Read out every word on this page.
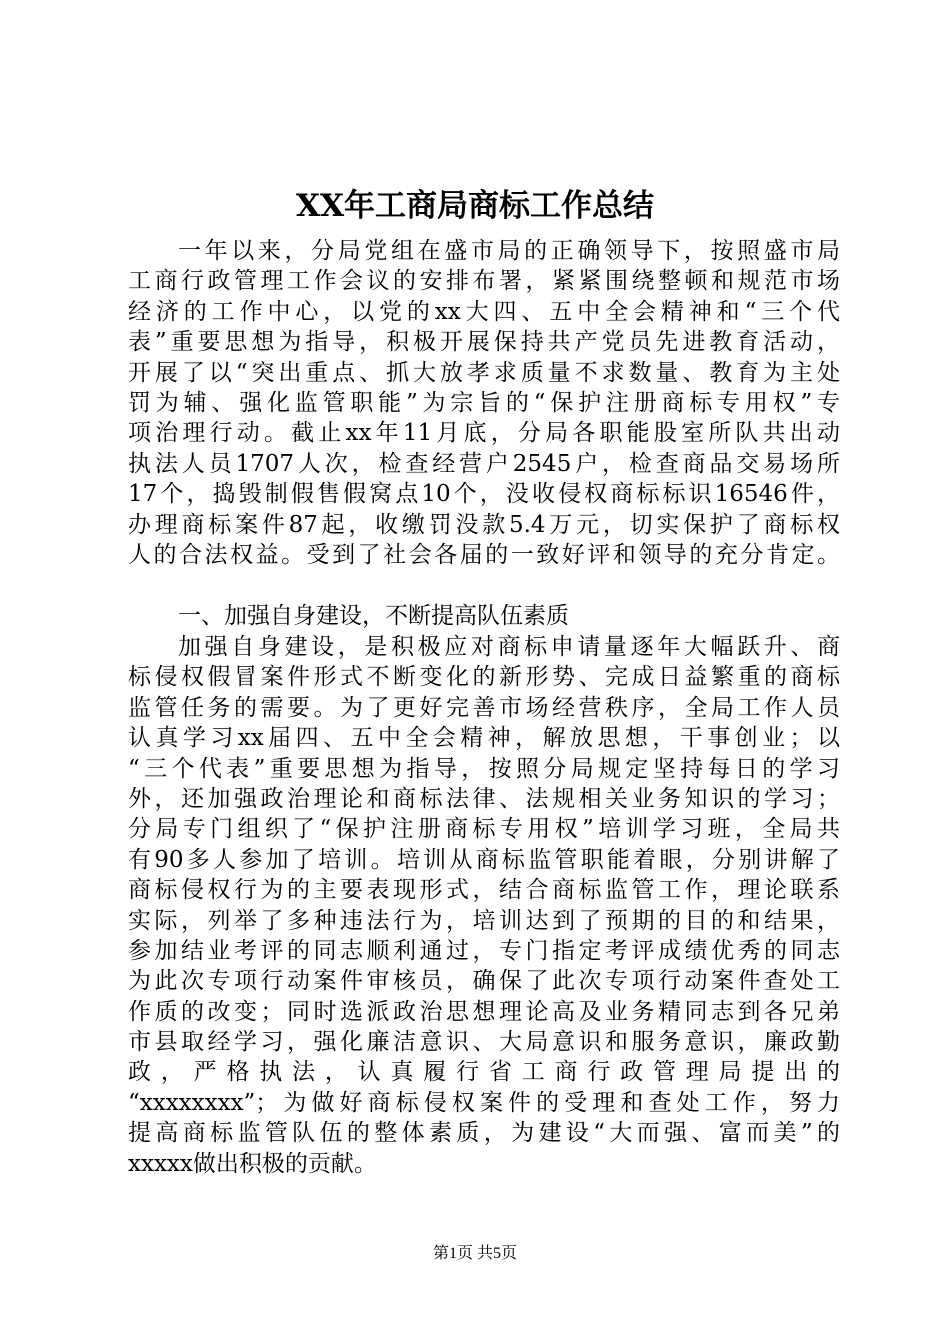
XX年工商局商标工作总结
一年以来，分局党组在盛市局的正确领导下，按照盛市局
工商行政管理工作会议的安排布署，紧紧围绕整顿和规范市场
经济的工作中心，以党的xx大四、五中全会精神和“三个代
表”重要思想为指导，积极开展保持共产党员先进教育活动，
开展了以“突出重点、抓大放孝求质量不求数量、教育为主处
罚为辅、强化监管职能”为宗旨的“保护注册商标专用权”专
项治理行动。截止xx年11月底，分局各职能股室所队共出动
执法人员1707人次，检查经营户2545户，检查商品交易场所
17个，捣毁制假售假窝点10个，没收侵权商标标识16546件，
办理商标案件87起，收缴罚没款5.4万元，切实保护了商标权
人的合法权益。受到了社会各届的一致好评和领导的充分肯定。
一、加强自身建设，不断提高队伍素质
加强自身建设，是积极应对商标申请量逐年大幅跃升、商
标侵权假冒案件形式不断变化的新形势、完成日益繁重的商标
监管任务的需要。为了更好完善市场经营秩序，全局工作人员
认真学习xx届四、五中全会精神，解放思想，干事创业；以
“三个代表”重要思想为指导，按照分局规定坚持每日的学习
外，还加强政治理论和商标法律、法规相关业务知识的学习；
分局专门组织了“保护注册商标专用权”培训学习班，全局共
有90多人参加了培训。培训从商标监管职能着眼，分别讲解了
商标侵权行为的主要表现形式，结合商标监管工作，理论联系
实际，列举了多种违法行为，培训达到了预期的目的和结果，
参加结业考评的同志顺利通过，专门指定考评成绩优秀的同志
为此次专项行动案件审核员，确保了此次专项行动案件查处工
作质的改变；同时选派政治思想理论高及业务精同志到各兄弟
市县取经学习，强化廉洁意识、大局意识和服务意识，廉政勤
政，严格执法，认真履行省工商行政管理局提出的
“xxxxxxxx”；为做好商标侵权案件的受理和查处工作，努力
提高商标监管队伍的整体素质，为建设“大而强、富而美”的
xxxxx做出积极的贡献。
第1页 共5页
